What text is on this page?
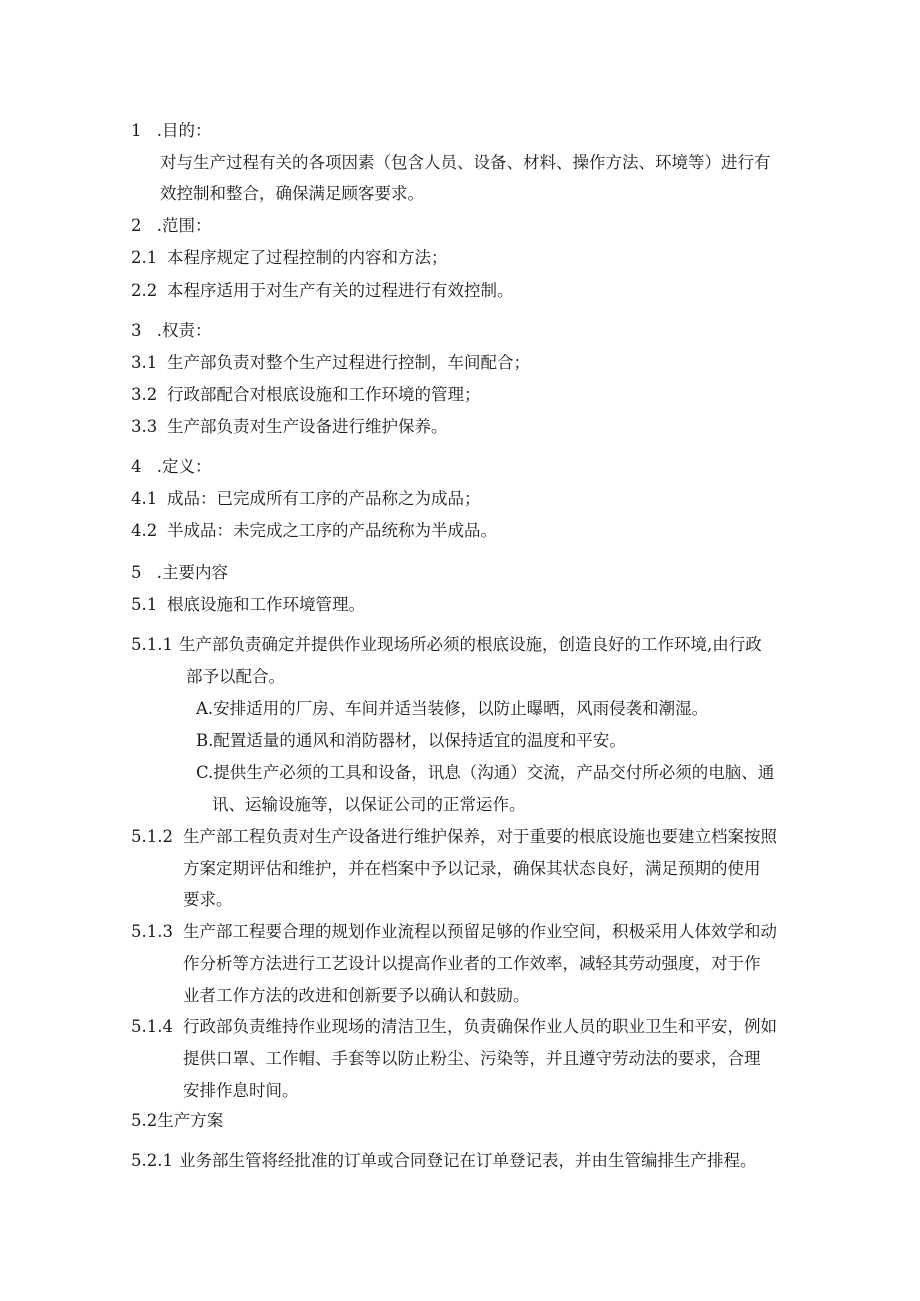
1 .目的：
对与生产过程有关的各项因素（包含人员、设备、材料、操作方法、环境等）进行有
效控制和整合，确保满足顾客要求。
2 .范围：
2.1 本程序规定了过程控制的内容和方法；
2.2 本程序适用于对生产有关的过程进行有效控制。
3 .权责：
3.1 生产部负责对整个生产过程进行控制，车间配合；
3.2 行政部配合对根底设施和工作环境的管理；
3.3 生产部负责对生产设备进行维护保养。
4 .定义：
4.1 成品：已完成所有工序的产品称之为成品；
4.2 半成品：未完成之工序的产品统称为半成品。
5 .主要内容
5.1 根底设施和工作环境管理。
5.1.1 生产部负责确定并提供作业现场所必须的根底设施，创造良好的工作环境,由行政
部予以配合。
A.安排适用的厂房、车间并适当装修，以防止曝晒，风雨侵袭和潮湿。
B.配置适量的通风和消防器材，以保持适宜的温度和平安。
C.提供生产必须的工具和设备，讯息（沟通）交流，产品交付所必须的电脑、通
讯、运输设施等，以保证公司的正常运作。
5.1.2 生产部工程负责对生产设备进行维护保养，对于重要的根底设施也要建立档案按照
方案定期评估和维护，并在档案中予以记录，确保其状态良好，满足预期的使用
要求。
5.1.3 生产部工程要合理的规划作业流程以预留足够的作业空间，积极采用人体效学和动
作分析等方法进行工艺设计以提高作业者的工作效率，减轻其劳动强度，对于作
业者工作方法的改进和创新要予以确认和鼓励。
5.1.4 行政部负责维持作业现场的清洁卫生，负责确保作业人员的职业卫生和平安，例如
提供口罩、工作帽、手套等以防止粉尘、污染等，并且遵守劳动法的要求，合理
安排作息时间。
5.2生产方案
5.2.1 业务部生管将经批准的订单或合同登记在订单登记表，并由生管编排生产排程。
